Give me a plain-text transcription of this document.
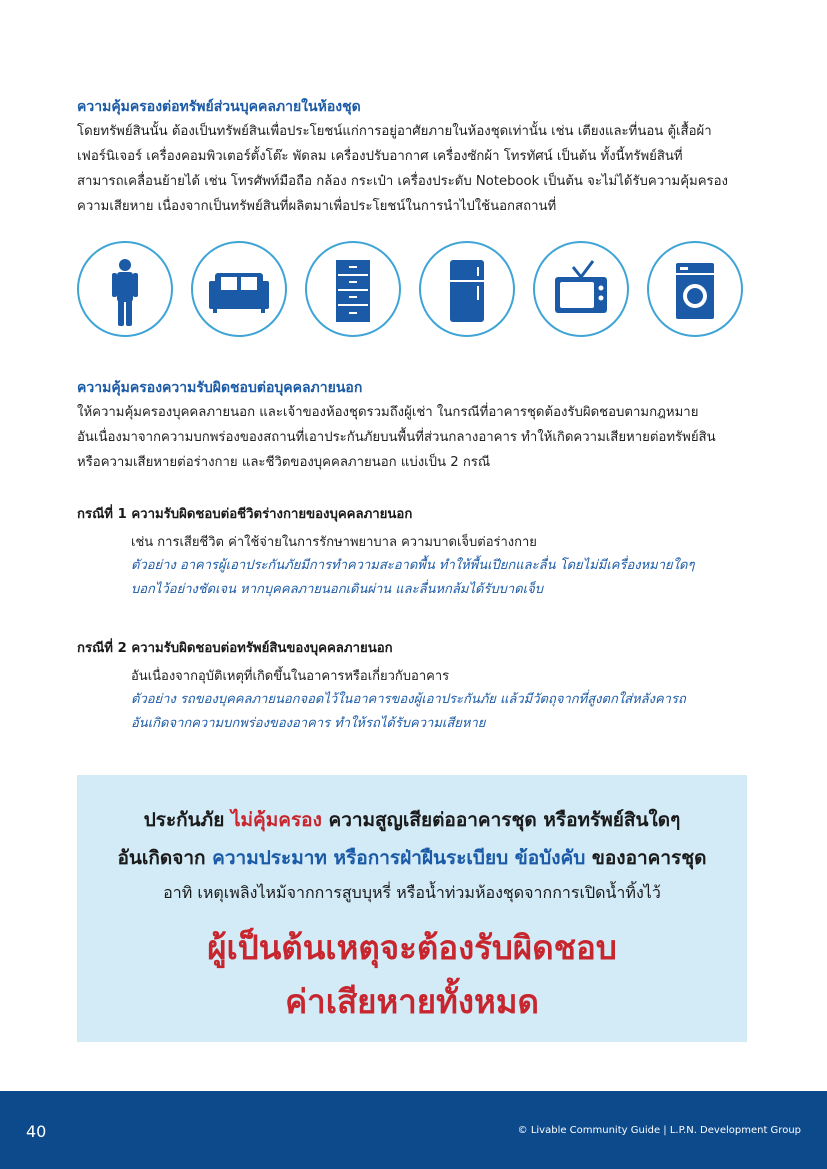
ความคุ้มครองต่อทรัพย์ส่วนบุคคลภายในห้องชุด
โดยทรัพย์สินนั้น ต้องเป็นทรัพย์สินเพื่อประโยชน์แก่การอยู่อาศัยภายในห้องชุดเท่านั้น เช่น เตียงและที่นอน ตู้เสื้อผ้า
เฟอร์นิเจอร์ เครื่องคอมพิวเตอร์ตั้งโต๊ะ พัดลม เครื่องปรับอากาศ เครื่องซักผ้า โทรทัศน์ เป็นต้น ทั้งนี้ทรัพย์สินที่
สามารถเคลื่อนย้ายได้ เช่น โทรศัพท์มือถือ กล้อง กระเป๋า เครื่องประดับ Notebook เป็นต้น จะไม่ได้รับความคุ้มครอง
ความเสียหาย เนื่องจากเป็นทรัพย์สินที่ผลิตมาเพื่อประโยชน์ในการนำไปใช้นอกสถานที่
ความคุ้มครองความรับผิดชอบต่อบุคคลภายนอก
ให้ความคุ้มครองบุคคลภายนอก และเจ้าของห้องชุดรวมถึงผู้เช่า ในกรณีที่อาคารชุดต้องรับผิดชอบตามกฎหมาย
อันเนื่องมาจากความบกพร่องของสถานที่เอาประกันภัยบนพื้นที่ส่วนกลางอาคาร ทำให้เกิดความเสียหายต่อทรัพย์สิน
หรือความเสียหายต่อร่างกาย และชีวิตของบุคคลภายนอก แบ่งเป็น 2 กรณี
กรณีที่ 1 ความรับผิดชอบต่อชีวิตร่างกายของบุคคลภายนอก
เช่น การเสียชีวิต ค่าใช้จ่ายในการรักษาพยาบาล ความบาดเจ็บต่อร่างกาย
ตัวอย่าง อาคารผู้เอาประกันภัยมีการทำความสะอาดพื้น ทำให้พื้นเปียกและลื่น โดยไม่มีเครื่องหมายใดๆ
บอกไว้อย่างชัดเจน หากบุคคลภายนอกเดินผ่าน และลื่นหกล้มได้รับบาดเจ็บ
กรณีที่ 2 ความรับผิดชอบต่อทรัพย์สินของบุคคลภายนอก
อันเนื่องจากอุบัติเหตุที่เกิดขึ้นในอาคารหรือเกี่ยวกับอาคาร
ตัวอย่าง รถของบุคคลภายนอกจอดไว้ในอาคารของผู้เอาประกันภัย แล้วมีวัตถุจากที่สูงตกใส่หลังคารถ
อันเกิดจากความบกพร่องของอาคาร ทำให้รถได้รับความเสียหาย
ประกันภัย ไม่คุ้มครอง ความสูญเสียต่ออาคารชุด หรือทรัพย์สินใดๆ
อันเกิดจาก ความประมาท หรือการฝ่าฝืนระเบียบ ข้อบังคับ ของอาคารชุด
อาทิ เหตุเพลิงไหม้จากการสูบบุหรี่ หรือน้ำท่วมห้องชุดจากการเปิดน้ำทิ้งไว้
ผู้เป็นต้นเหตุจะต้องรับผิดชอบ
ค่าเสียหายทั้งหมด
40	© Livable Community Guide | L.P.N. Development Group
